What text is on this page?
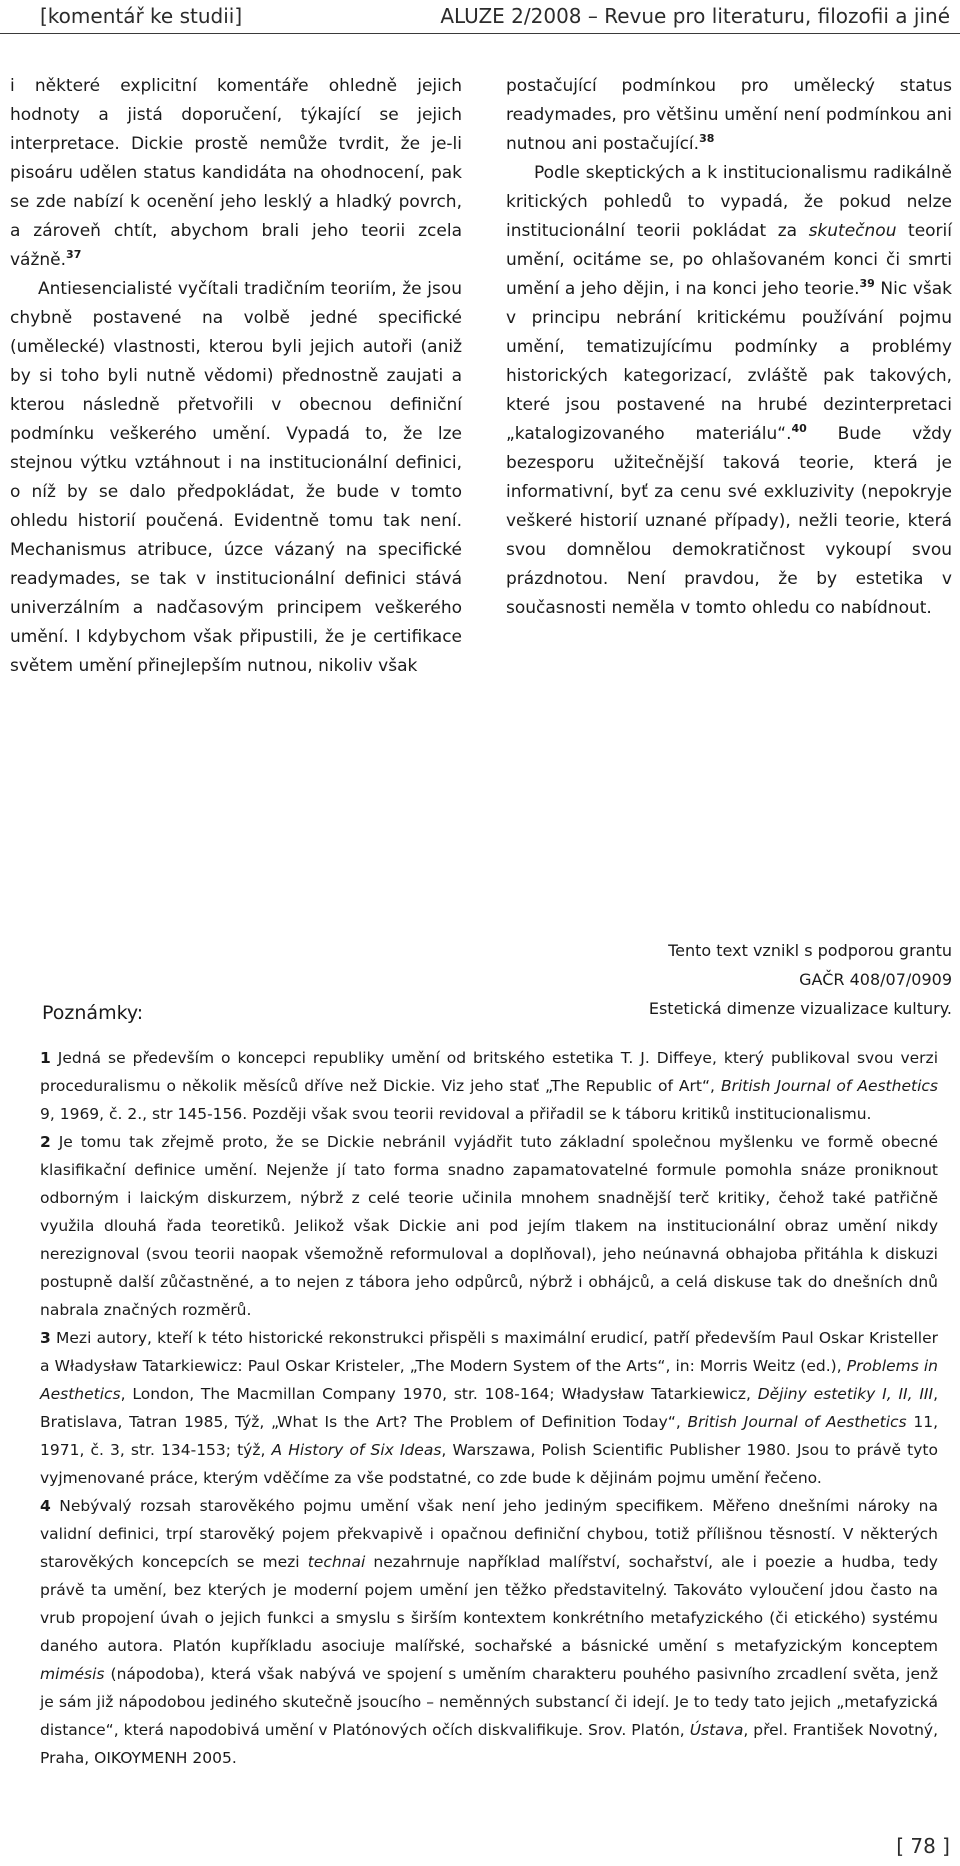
[komentář ke studii]	ALUZE 2/2008 – Revue pro literaturu, filozofii a jiné

i některé explicitní komentáře ohledně jejich hodnoty a jistá doporučení, týkající se jejich interpretace. Dickie prostě nemůže tvrdit, že je-li pisoáru udělen status kandidáta na ohodnocení, pak se zde nabízí k ocenění jeho lesklý a hladký povrch, a zároveň chtít, abychom brali jeho teorii zcela vážně.$^{37}$

Antiesencialisté vyčítali tradičním teoriím, že jsou chybně postavené na volbě jedné specifické (umělecké) vlastnosti, kterou byli jejich autoři (aniž by si toho byli nutně vědomi) přednostně zaujati a kterou následně přetvořili v obecnou definiční podmínku veškerého umění. Vypadá to, že lze stejnou výtku vztáhnout i na institucionální definici, o níž by se dalo předpokládat, že bude v tomto ohledu historií poučená. Evidentně tomu tak není. Mechanismus atribuce, úzce vázaný na specifické readymades, se tak v institucionální definici stává univerzálním a nadčasovým principem veškerého umění. I kdybychom však připustili, že je certifikace světem umění přinejlepším nutnou, nikoliv však

postačující podmínkou pro umělecký status readymades, pro většinu umění není podmínkou ani nutnou ani postačující.$^{38}$

Podle skeptických a k institucionalismu radikálně kritických pohledů to vypadá, že pokud nelze institucionální teorii pokládat za skutečnou teorií umění, ocitáme se, po ohlašovaném konci či smrti umění a jeho dějin, i na konci jeho teorie.$^{39}$ Nic však v principu nebrání kritickému používání pojmu umění, tematizujícímu podmínky a problémy historických kategorizací, zvláště pak takových, které jsou postavené na hrubé dezinterpretaci „katalogizovaného materiálu“.$^{40}$ Bude vždy bezesporu užitečnější taková teorie, která je informativní, byť za cenu své exkluzivity (nepokryje veškeré historií uznané případy), nežli teorie, která svou domnělou demokratičnost vykoupí svou prázdnotou. Není pravdou, že by estetika v současnosti neměla v tomto ohledu co nabídnout.

Tento text vznikl s podporou grantu
GAČR 408/07/0909
Estetická dimenze vizualizace kultury.
Poznámky:

1 Jedná se především o koncepci republiky umění od britského estetika T. J. Diffeye, který publikoval svou verzi proceduralismu o několik měsíců dříve než Dickie. Viz jeho stať „The Republic of Art“, British Journal of Aesthetics 9, 1969, č. 2., str 145-156. Později však svou teorii revidoval a přiřadil se k táboru kritiků institucionalismu.

2 Je tomu tak zřejmě proto, že se Dickie nebránil vyjádřit tuto základní společnou myšlenku ve formě obecné klasifikační definice umění. Nejenže jí tato forma snadno zapamatovatelné formule pomohla snáze proniknout odborným i laickým diskurzem, nýbrž z celé teorie učinila mnohem snadnější terč kritiky, čehož také patřičně využila dlouhá řada teoretiků. Jelikož však Dickie ani pod jejím tlakem na institucionální obraz umění nikdy nerezignoval (svou teorii naopak všemožně reformuloval a doplňoval), jeho neúnavná obhajoba přitáhla k diskuzi postupně další zůčastněné, a to nejen z tábora jeho odpůrců, nýbrž i obhájců, a celá diskuse tak do dnešních dnů nabrala značných rozměrů.

3 Mezi autory, kteří k této historické rekonstrukci přispěli s maximální erudicí, patří především Paul Oskar Kristeller a Władysław Tatarkiewicz: Paul Oskar Kristeler, „The Modern System of the Arts“, in: Morris Weitz (ed.), Problems in Aesthetics, London, The Macmillan Company 1970, str. 108-164; Władysław Tatarkiewicz, Dějiny estetiky I, II, III, Bratislava, Tatran 1985, Týž, „What Is the Art? The Problem of Definition Today“, British Journal of Aesthetics 11, 1971, č. 3, str. 134-153; týž, A History of Six Ideas, Warszawa, Polish Scientific Publisher 1980. Jsou to právě tyto vyjmenované práce, kterým vděčíme za vše podstatné, co zde bude k dějinám pojmu umění řečeno.

4 Nebývalý rozsah starověkého pojmu umění však není jeho jediným specifikem. Měřeno dnešními nároky na validní definici, trpí starověký pojem překvapivě i opačnou definiční chybou, totiž přílišnou těsností. V některých starověkých koncepcích se mezi technai nezahrnuje například malířství, sochařství, ale i poezie a hudba, tedy právě ta umění, bez kterých je moderní pojem umění jen těžko představitelný. Takováto vyloučení jdou často na vrub propojení úvah o jejich funkci a smyslu s širším kontextem konkrétního metafyzického (či etického) systému daného autora. Platón kupříkladu asociuje malířské, sochařské a básnické umění s metafyzickým konceptem mimésis (nápodoba), která však nabývá ve spojení s uměním charakteru pouhého pasivního zrcadlení světa, jenž je sám již nápodobou jediného skutečně jsoucího – neměnných substancí či idejí. Je to tedy tato jejich „metafyzická distance“, která napodobivá umění v Platónových očích diskvalifikuje. Srov. Platón, Ústava, přel. František Novotný, Praha, OIKOYMENH 2005.

[ 78 ]
